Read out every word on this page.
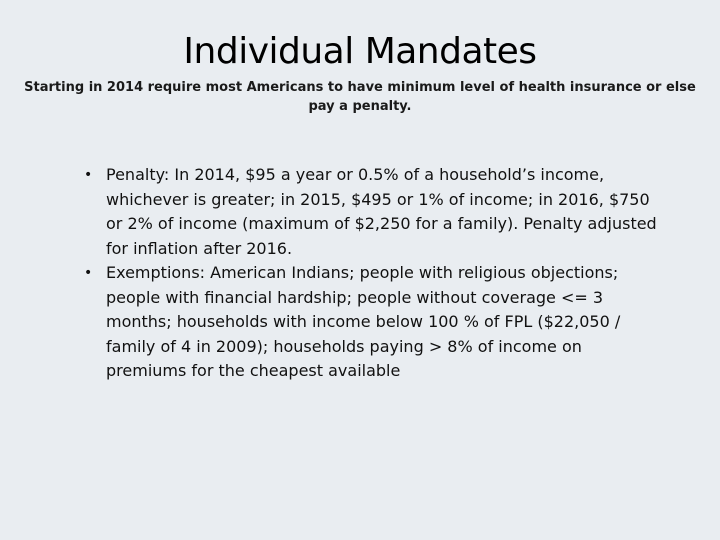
Individual Mandates
Starting in 2014 require most Americans to have minimum level of health insurance or else pay a penalty.
• Penalty: In 2014, $95 a year or 0.5% of a household’s income, whichever is greater; in 2015, $495 or 1% of income; in 2016, $750 or 2% of income (maximum of $2,250 for a family). Penalty adjusted for inflation after 2016.
• Exemptions: American Indians; people with religious objections; people with financial hardship; people without coverage <= 3 months; households with income below 100 % of FPL ($22,050 / family of 4 in 2009); households paying > 8% of income on premiums for the cheapest available
